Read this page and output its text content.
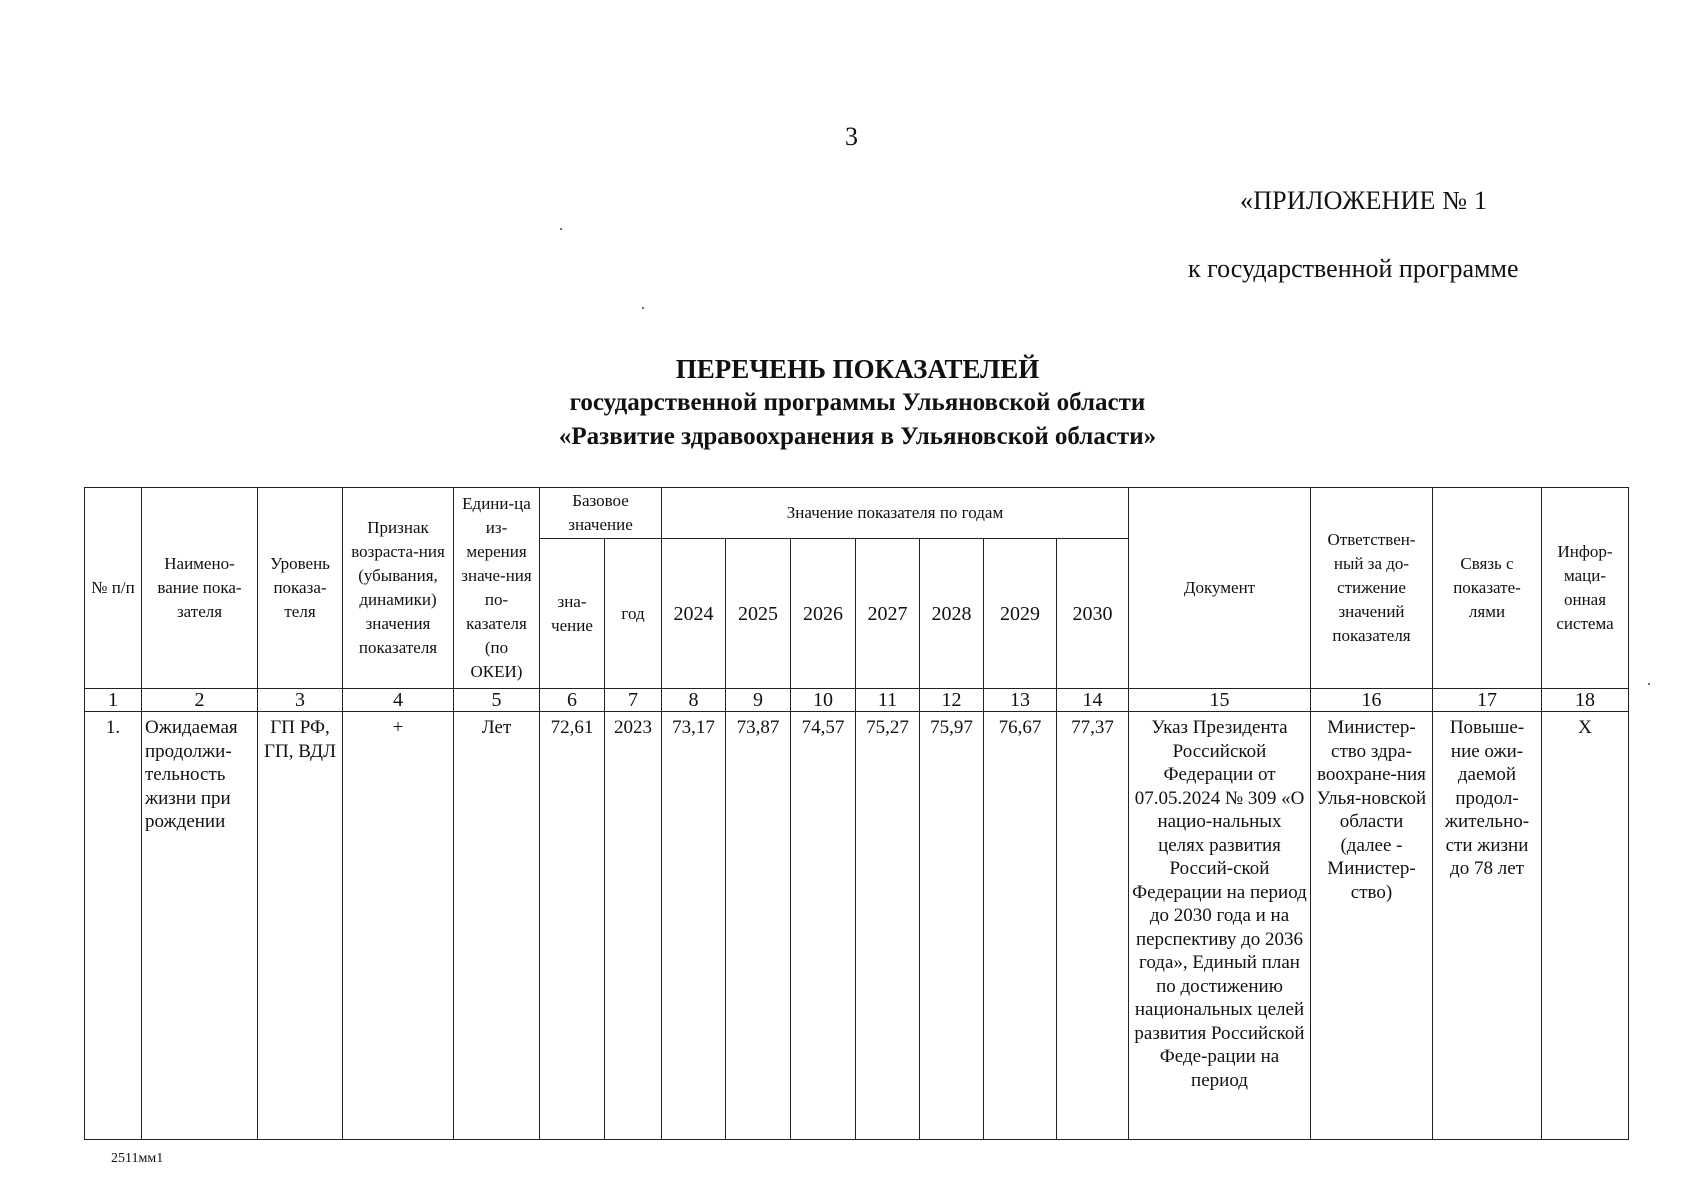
3
«ПРИЛОЖЕНИЕ № 1
к государственной программе
ПЕРЕЧЕНЬ ПОКАЗАТЕЛЕЙ
государственной программы Ульяновской области
«Развитие здравоохранения в Ульяновской области»
№ п/п	Наимено-вание пока-зателя	Уровень показа-теля	Признак возраста-ния (убывания, динамики) значения показателя	Едини-ца из-мерения значе-ния по-казателя (по ОКЕИ)	Базовое значение		Значение показателя по годам							Документ	Ответствен-ный за до-стижение значений показателя	Связь с показате-лями	Инфор-маци-онная система
					зна-чение	год	2024	2025	2026	2027	2028	2029	2030				
1	2	3	4	5	6	7	8	9	10	11	12	13	14	15	16	17	18
1.	Ожидаемая продолжи-тельность жизни при рождении	ГП РФ, ГП, ВДЛ	+	Лет	72,61	2023	73,17	73,87	74,57	75,27	75,97	76,67	77,37	Указ Президента Российской Федерации от 07.05.2024 № 309 «О нацио-нальных целях развития Россий-ской Федерации на период до 2030 года и на перспективу до 2036 года», Единый план по достижению национальных целей развития Российской Феде-рации на период	Министер-ство здра-воохране-ния Улья-новской области (далее - Министер-ство)	Повыше-ние ожи-даемой продол-жительно-сти жизни до 78 лет	X
2511мм1
